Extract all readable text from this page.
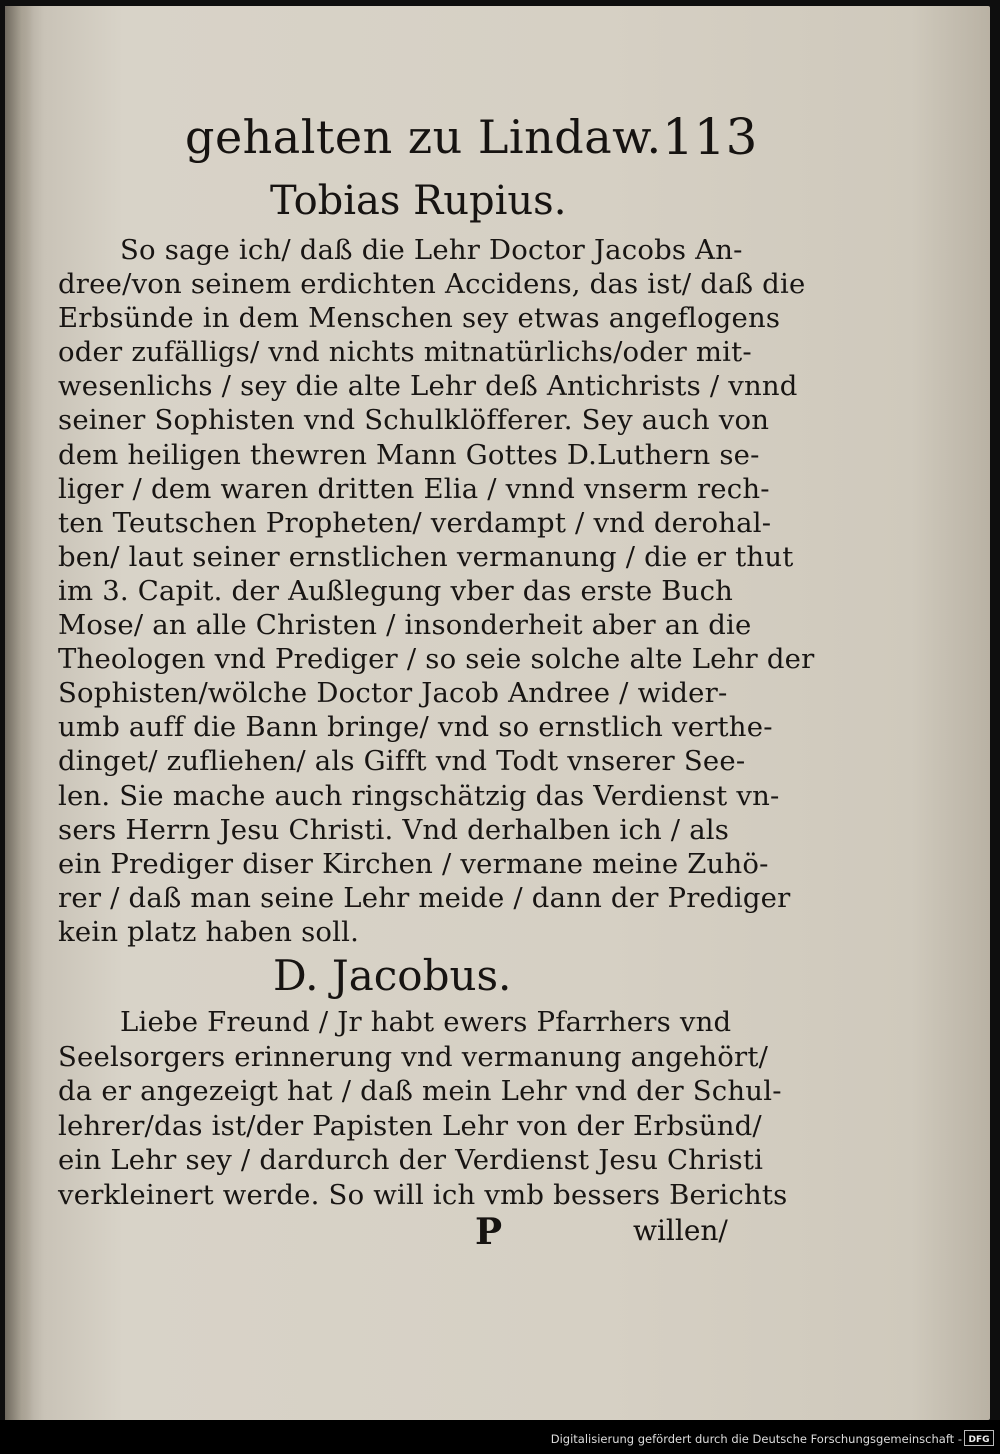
gehalten zu Lindaw. 113
Tobias Rupius.
So sage ich/ daß die Lehr Doctor Jacobs An-
dree/von seinem erdichten Accidens, das ist/ daß die
Erbsünde in dem Menschen sey etwas angeflogens
oder zufälligs/ vnd nichts mitnatürlichs/oder mit-
wesenlichs / sey die alte Lehr deß Antichrists / vnnd
seiner Sophisten vnd Schulklöfferer. Sey auch von
dem heiligen thewren Mann Gottes D.Luthern se-
liger / dem waren dritten Elia / vnnd vnserm rech-
ten Teutschen Propheten/ verdampt / vnd derohal-
ben/ laut seiner ernstlichen vermanung / die er thut
im 3. Capit. der Außlegung vber das erste Buch
Mose/ an alle Christen / insonderheit aber an die
Theologen vnd Prediger / so seie solche alte Lehr der
Sophisten/wölche Doctor Jacob Andree / wider-
umb auff die Bann bringe/ vnd so ernstlich verthe-
dinget/ zufliehen/ als Gifft vnd Todt vnserer See-
len. Sie mache auch ringschätzig das Verdienst vn-
sers Herrn Jesu Christi. Vnd derhalben ich / als
ein Prediger diser Kirchen / vermane meine Zuhö-
rer / daß man seine Lehr meide / dann der Prediger
kein platz haben soll.
D. Jacobus.
Liebe Freund / Jr habt ewers Pfarrhers vnd
Seelsorgers erinnerung vnd vermanung angehört/
da er angezeigt hat / daß mein Lehr vnd der Schul-
lehrer/das ist/der Papisten Lehr von der Erbsünd/
ein Lehr sey / dardurch der Verdienst Jesu Christi
verkleinert werde. So will ich vmb bessers Berichts
P	willen/
Digitalisierung gefördert durch die Deutsche Forschungsgemeinschaft - DFG
